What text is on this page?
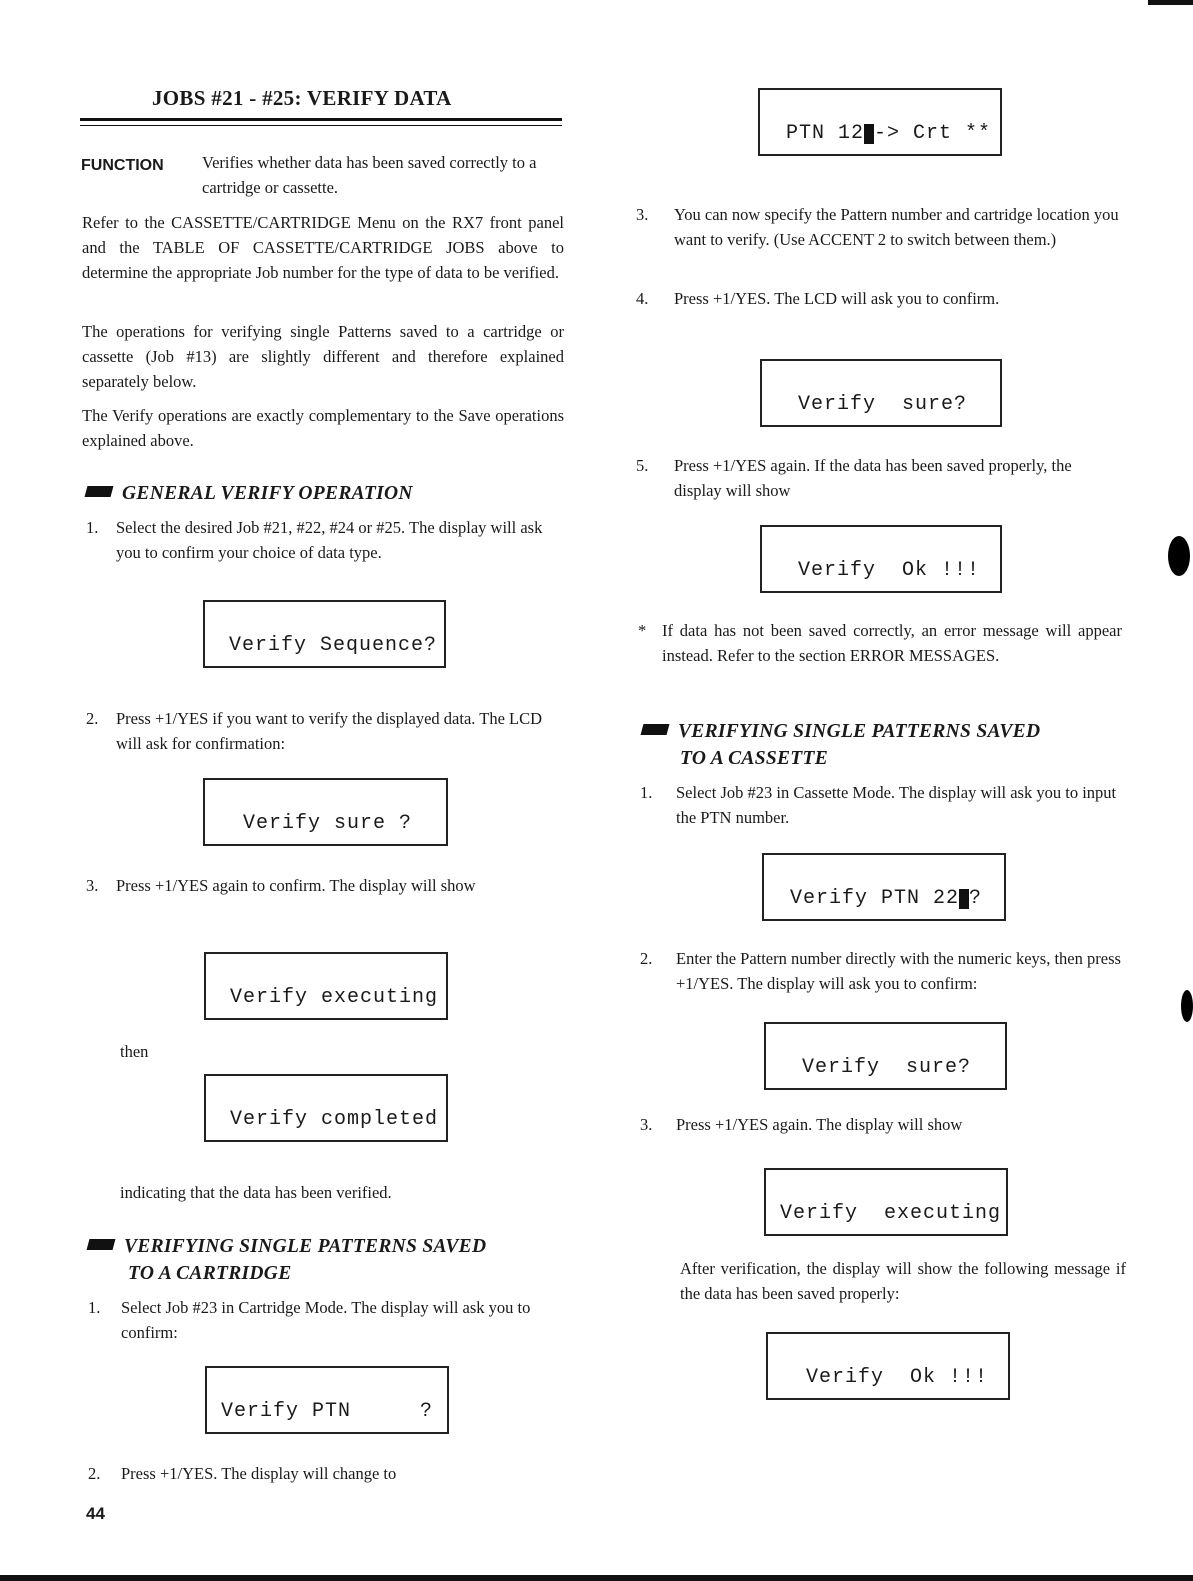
JOBS #21 - #25: VERIFY DATA
FUNCTION Verifies whether data has been saved correctly to a cartridge or cassette.
Refer to the CASSETTE/CARTRIDGE Menu on the RX7 front panel and the TABLE OF CASSETTE/CARTRIDGE JOBS above to determine the appropriate Job number for the type of data to be verified.
The operations for verifying single Patterns saved to a cartridge or cassette (Job #13) are slightly different and therefore explained separately below.
The Verify operations are exactly complementary to the Save operations explained above.
GENERAL VERIFY OPERATION
1.	Select the desired Job #21, #22, #24 or #25. The display will ask you to confirm your choice of data type.
Verify Sequence?
2.	Press +1/YES if you want to verify the displayed data. The LCD will ask for confirmation:
Verify sure ?
3.	Press +1/YES again to confirm. The display will show
Verify executing
then
Verify completed
indicating that the data has been verified.
VERIFYING SINGLE PATTERNS SAVED
TO A CARTRIDGE
1.	Select Job #23 in Cartridge Mode. The display will ask you to confirm:
Verify PTN	?
2.	Press +1/YES. The display will change to
44
PTN 12 -> Crt **
3.	You can now specify the Pattern number and cartridge location you want to verify. (Use ACCENT 2 to switch between them.)
4.	Press +1/YES. The LCD will ask you to confirm.
Verify  sure?
5.	Press +1/YES again. If the data has been saved properly, the display will show
Verify  Ok !!!
* If data has not been saved correctly, an error message will appear instead. Refer to the section ERROR MESSAGES.
VERIFYING SINGLE PATTERNS SAVED
TO A CASSETTE
1.	Select Job #23 in Cassette Mode. The display will ask you to input the PTN number.
Verify PTN 22 ?
2.	Enter the Pattern number directly with the numeric keys, then press +1/YES. The display will ask you to confirm:
Verify  sure?
3.	Press +1/YES again. The display will show
Verify  executing
After verification, the display will show the following message if the data has been saved properly:
Verify  Ok !!!
